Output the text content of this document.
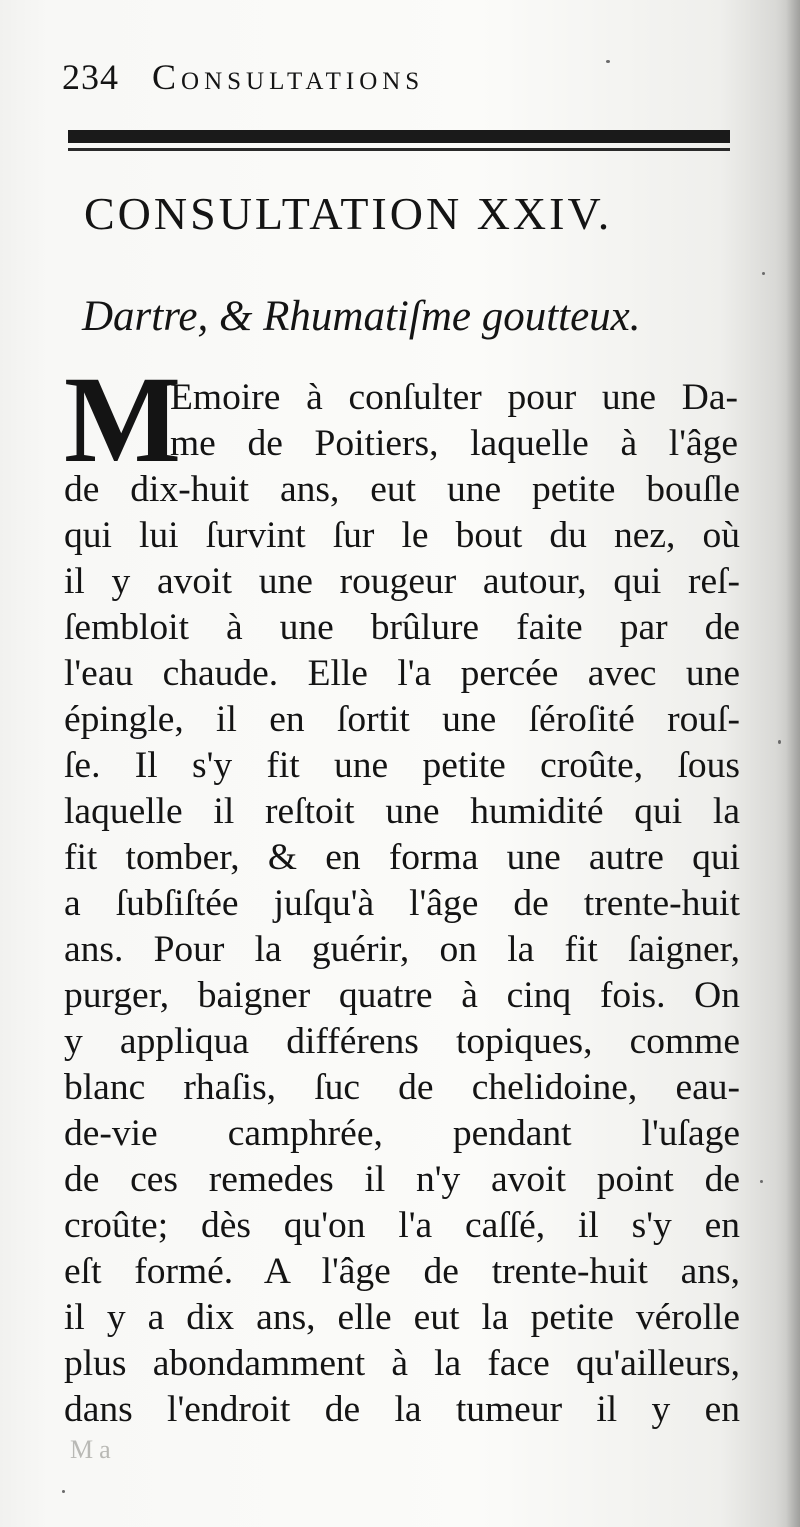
234 Consultations
CONSULTATION XXIV.
Dartre, & Rhumatiſme goutteux.
M
Emoire à conſulter pour une Da-
me de Poitiers, laquelle à l'âge
de dix-huit ans, eut une petite bouſle
qui lui ſurvint ſur le bout du nez, où
il y avoit une rougeur autour, qui reſ-
ſembloit à une brûlure faite par de
l'eau chaude. Elle l'a percée avec une
épingle, il en ſortit une ſéroſité rouſ-
ſe. Il s'y fit une petite croûte, ſous
laquelle il reſtoit une humidité qui la
fit tomber, & en forma une autre qui
a ſubſiſtée juſqu'à l'âge de trente-huit
ans. Pour la guérir, on la fit ſaigner,
purger, baigner quatre à cinq fois. On
y appliqua différens topiques, comme
blanc rhaſis, ſuc de chelidoine, eau-
de-vie camphrée, pendant l'uſage
de ces remedes il n'y avoit point de
croûte; dès qu'on l'a caſſé, il s'y en
eſt formé. A l'âge de trente-huit ans,
il y a dix ans, elle eut la petite vérolle
plus abondamment à la face qu'ailleurs,
dans l'endroit de la tumeur il y en
Ma
